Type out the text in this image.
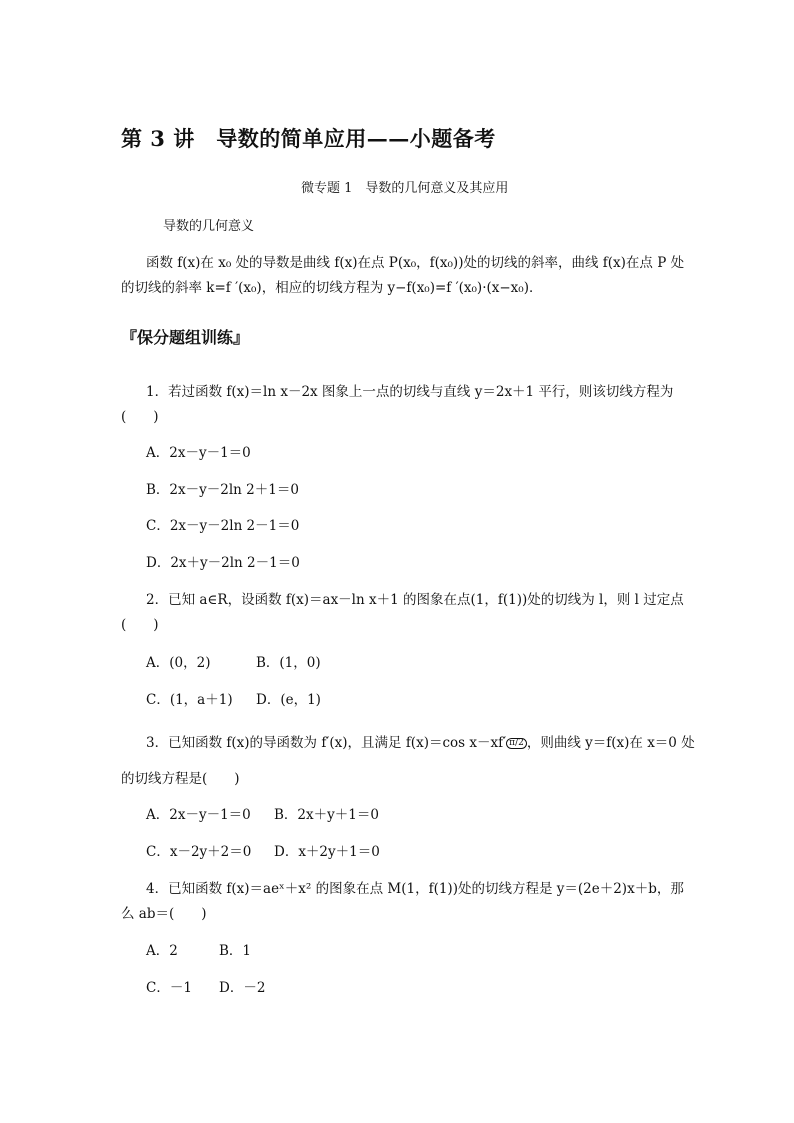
第 3 讲　导数的简单应用——小题备考
微专题 1　导数的几何意义及其应用
导数的几何意义
函数 f(x)在 x₀ 处的导数是曲线 f(x)在点 P(x₀，f(x₀))处的切线的斜率，曲线 f(x)在点 P 处
的切线的斜率 k=f ′(x₀)，相应的切线方程为 y−f(x₀)=f ′(x₀)·(x−x₀)．
『保分题组训练』
1．若过函数 f(x)＝ln x－2x 图象上一点的切线与直线 y＝2x＋1 平行，则该切线方程为
(　　)
A．2x－y－1＝0
B．2x－y－2ln 2＋1＝0
C．2x－y－2ln 2－1＝0
D．2x＋y－2ln 2－1＝0
2．已知 a∈R，设函数 f(x)＝ax－ln x＋1 的图象在点(1，f(1))处的切线为 l，则 l 过定点
(　　)
A．(0，2)	B．(1，0)
C．(1，a＋1) D．(e，1)
3．已知函数 f(x)的导函数为 f′(x)，且满足 f(x)＝cos x－xf′ π/2 ，则曲线 y＝f(x)在 x＝0 处
的切线方程是(　　)
A．2x－y－1＝0 B．2x＋y＋1＝0
C．x－2y＋2＝0 D．x＋2y＋1＝0
4．已知函数 f(x)＝aeˣ＋x² 的图象在点 M(1，f(1))处的切线方程是 y＝(2e＋2)x＋b，那
么 ab＝(　　)
A．2	B．1
C．－1 D．－2
